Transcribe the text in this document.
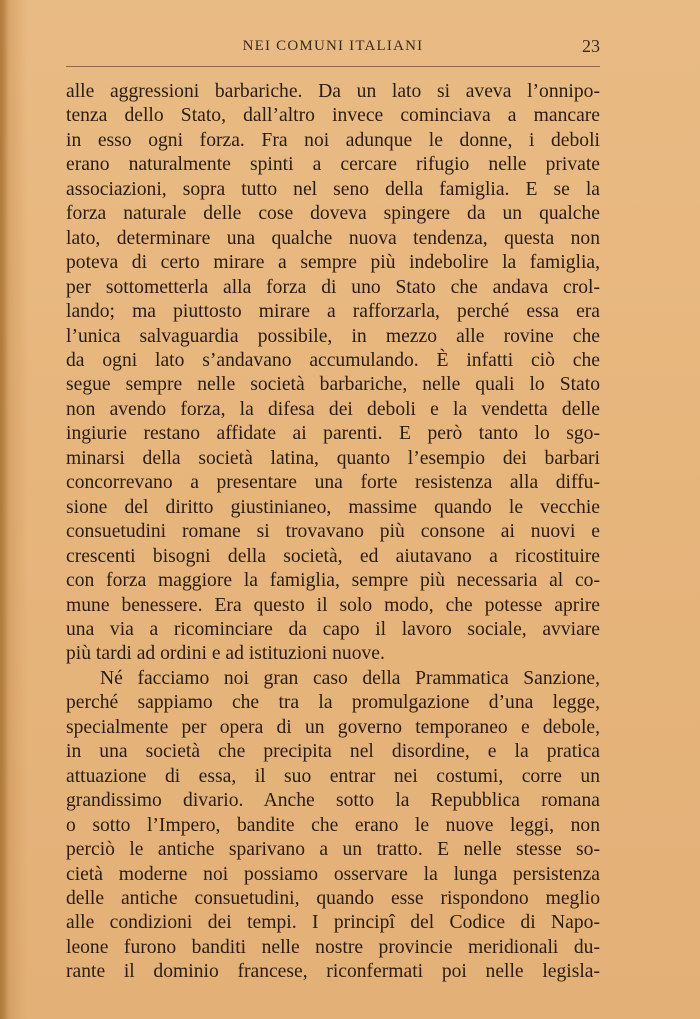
NEI COMUNI ITALIANI	23

alle aggressioni barbariche. Da un lato si aveva l’onnipo-
tenza dello Stato, dall’altro invece cominciava a mancare
in esso ogni forza. Fra noi adunque le donne, i deboli
erano naturalmente spinti a cercare rifugio nelle private
associazioni, sopra tutto nel seno della famiglia. E se la
forza naturale delle cose doveva spingere da un qualche
lato, determinare una qualche nuova tendenza, questa non
poteva di certo mirare a sempre più indebolire la famiglia,
per sottometterla alla forza di uno Stato che andava crol-
lando; ma piuttosto mirare a rafforzarla, perché essa era
l’unica salvaguardia possibile, in mezzo alle rovine che
da ogni lato s’andavano accumulando. È infatti ciò che
segue sempre nelle società barbariche, nelle quali lo Stato
non avendo forza, la difesa dei deboli e la vendetta delle
ingiurie restano affidate ai parenti. E però tanto lo sgo-
minarsi della società latina, quanto l’esempio dei barbari
concorrevano a presentare una forte resistenza alla diffu-
sione del diritto giustinianeo, massime quando le vecchie
consuetudini romane si trovavano più consone ai nuovi e
crescenti bisogni della società, ed aiutavano a ricostituire
con forza maggiore la famiglia, sempre più necessaria al co-
mune benessere. Era questo il solo modo, che potesse aprire
una via a ricominciare da capo il lavoro sociale, avviare
più tardi ad ordini e ad istituzioni nuove.

Né facciamo noi gran caso della Prammatica Sanzione,
perché sappiamo che tra la promulgazione d’una legge,
specialmente per opera di un governo temporaneo e debole,
in una società che precipita nel disordine, e la pratica
attuazione di essa, il suo entrar nei costumi, corre un
grandissimo divario. Anche sotto la Repubblica romana
o sotto l’Impero, bandite che erano le nuove leggi, non
perciò le antiche sparivano a un tratto. E nelle stesse so-
cietà moderne noi possiamo osservare la lunga persistenza
delle antiche consuetudini, quando esse rispondono meglio
alle condizioni dei tempi. I principî del Codice di Napo-
leone furono banditi nelle nostre provincie meridionali du-
rante il dominio francese, riconfermati poi nelle legisla-
